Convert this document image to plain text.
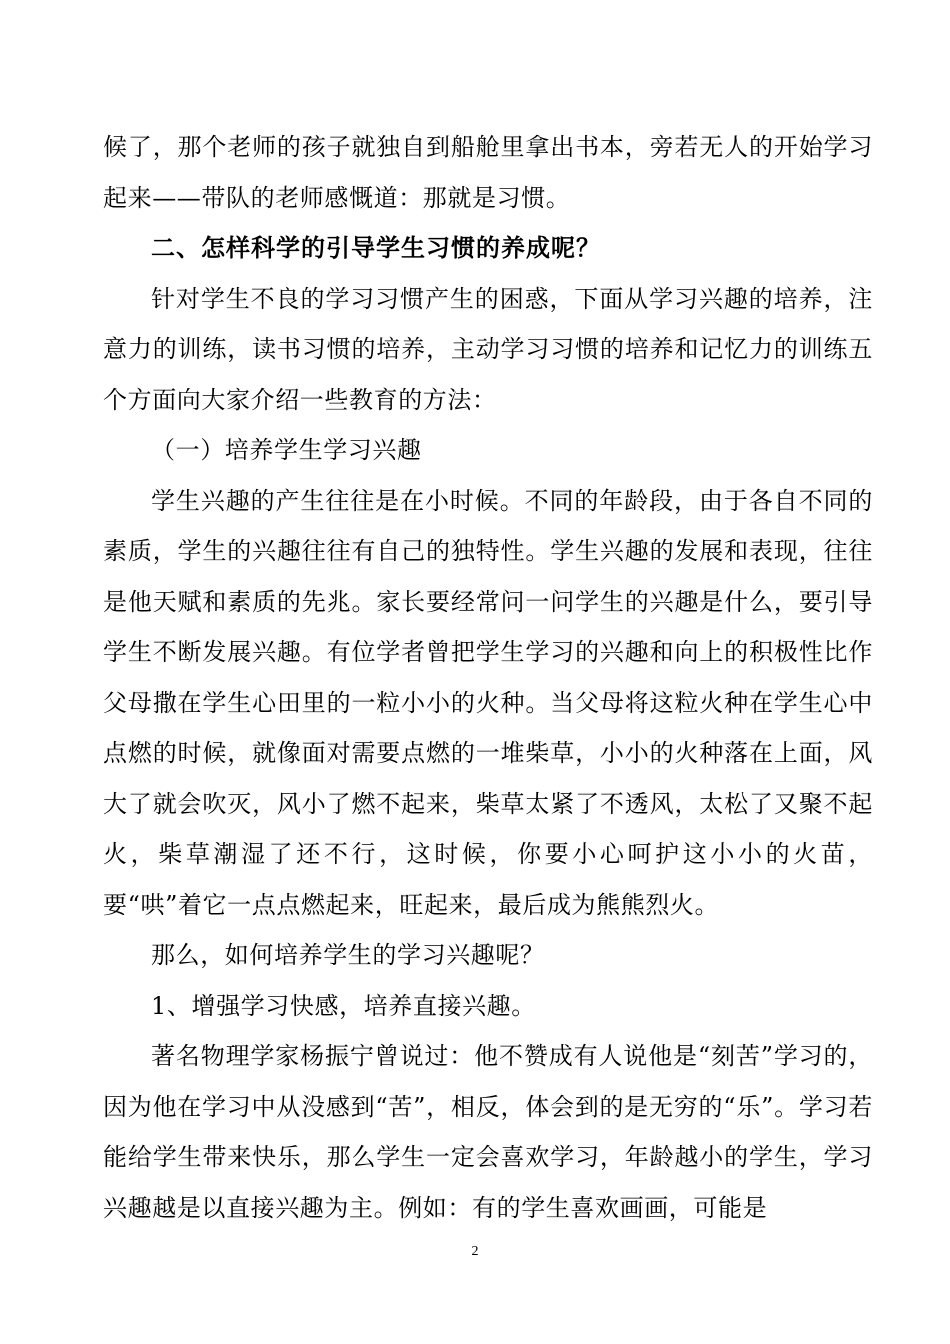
候了，那个老师的孩子就独自到船舱里拿出书本，旁若无人的开始学习起来——带队的老师感慨道：那就是习惯。

二、怎样科学的引导学生习惯的养成呢？

针对学生不良的学习习惯产生的困惑，下面从学习兴趣的培养，注意力的训练，读书习惯的培养，主动学习习惯的培养和记忆力的训练五个方面向大家介绍一些教育的方法：

（一）培养学生学习兴趣

学生兴趣的产生往往是在小时候。不同的年龄段，由于各自不同的素质，学生的兴趣往往有自己的独特性。学生兴趣的发展和表现，往往是他天赋和素质的先兆。家长要经常问一问学生的兴趣是什么，要引导学生不断发展兴趣。有位学者曾把学生学习的兴趣和向上的积极性比作父母撒在学生心田里的一粒小小的火种。当父母将这粒火种在学生心中点燃的时候，就像面对需要点燃的一堆柴草，小小的火种落在上面，风大了就会吹灭，风小了燃不起来，柴草太紧了不透风，太松了又聚不起火，柴草潮湿了还不行，这时候，你要小心呵护这小小的火苗，要“哄”着它一点点燃起来，旺起来，最后成为熊熊烈火。

那么，如何培养学生的学习兴趣呢？

1、增强学习快感，培养直接兴趣。

著名物理学家杨振宁曾说过：他不赞成有人说他是“刻苦”学习的，因为他在学习中从没感到“苦”，相反，体会到的是无穷的“乐”。学习若能给学生带来快乐，那么学生一定会喜欢学习，年龄越小的学生，学习兴趣越是以直接兴趣为主。例如：有的学生喜欢画画，可能是

2
